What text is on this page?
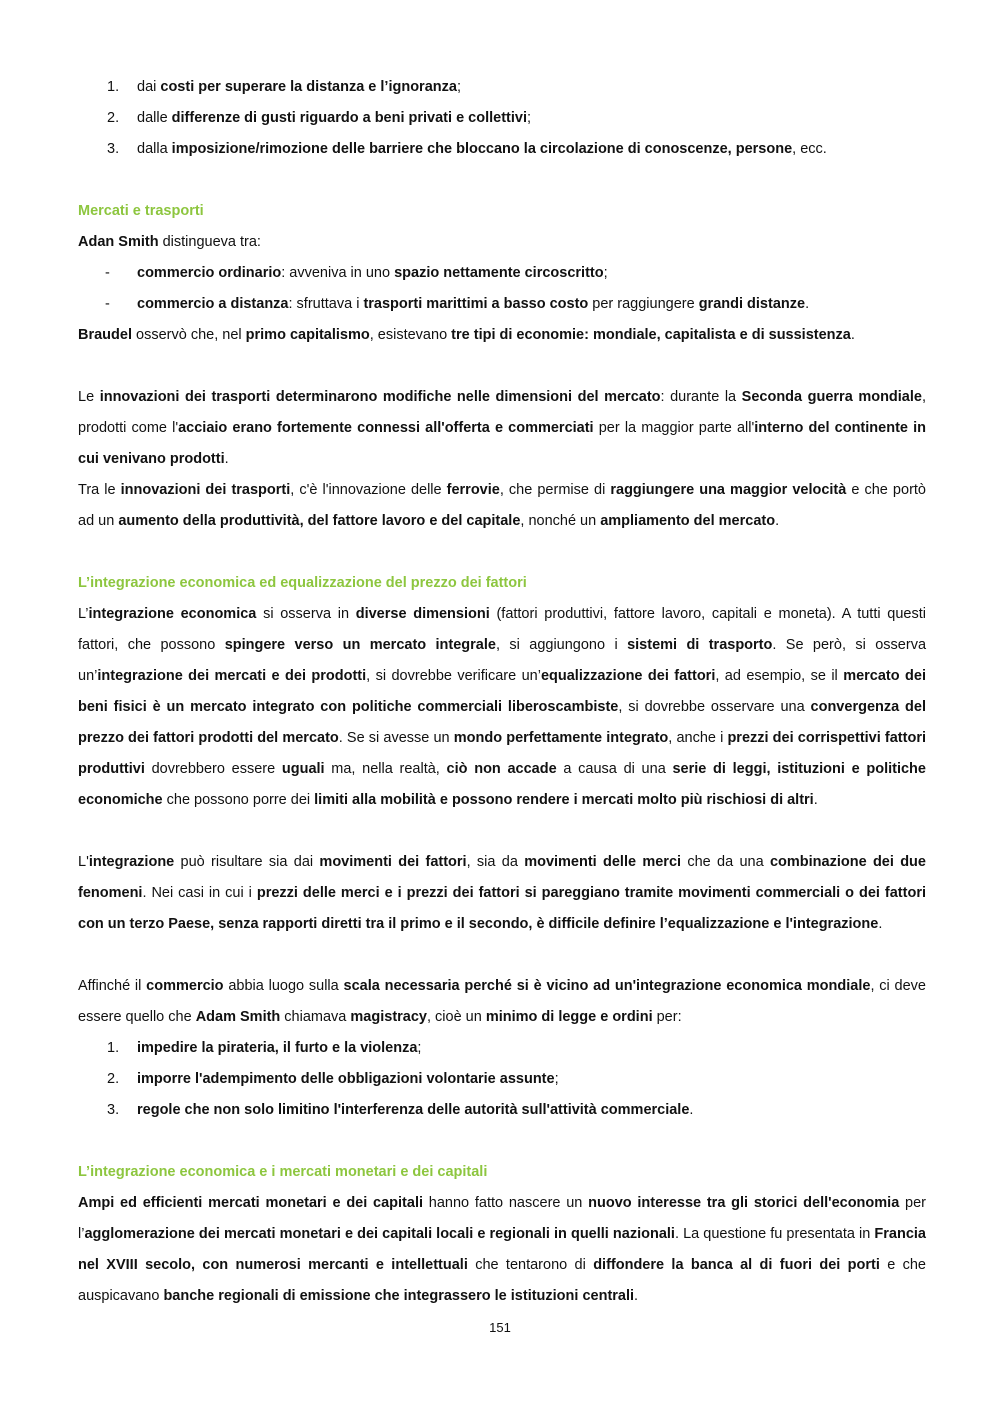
1. dai costi per superare la distanza e l’ignoranza;
2. dalle differenze di gusti riguardo a beni privati e collettivi;
3. dalla imposizione/rimozione delle barriere che bloccano la circolazione di conoscenze, persone, ecc.
Mercati e trasporti

Adan Smith distingueva tra:

- commercio ordinario: avveniva in uno spazio nettamente circoscritto;
- commercio a distanza: sfruttava i trasporti marittimi a basso costo per raggiungere grandi distanze.

Braudel osservò che, nel primo capitalismo, esistevano tre tipi di economie: mondiale, capitalista e di sussistenza.

Le innovazioni dei trasporti determinarono modifiche nelle dimensioni del mercato: durante la Seconda guerra mondiale, prodotti come l'acciaio erano fortemente connessi all'offerta e commerciati per la maggior parte all'interno del continente in cui venivano prodotti.

Tra le innovazioni dei trasporti, c'è l'innovazione delle ferrovie, che permise di raggiungere una maggior velocità e che portò ad un aumento della produttività, del fattore lavoro e del capitale, nonché un ampliamento del mercato.

L’integrazione economica ed equalizzazione del prezzo dei fattori

L’integrazione economica si osserva in diverse dimensioni (fattori produttivi, fattore lavoro, capitali e moneta). A tutti questi fattori, che possono spingere verso un mercato integrale, si aggiungono i sistemi di trasporto. Se però, si osserva un’integrazione dei mercati e dei prodotti, si dovrebbe verificare un’equalizzazione dei fattori, ad esempio, se il mercato dei beni fisici è un mercato integrato con politiche commerciali liberoscambiste, si dovrebbe osservare una convergenza del prezzo dei fattori prodotti del mercato. Se si avesse un mondo perfettamente integrato, anche i prezzi dei corrispettivi fattori produttivi dovrebbero essere uguali ma, nella realtà, ciò non accade a causa di una serie di leggi, istituzioni e politiche economiche che possono porre dei limiti alla mobilità e possono rendere i mercati molto più rischiosi di altri.

L'integrazione può risultare sia dai movimenti dei fattori, sia da movimenti delle merci che da una combinazione dei due fenomeni. Nei casi in cui i prezzi delle merci e i prezzi dei fattori si pareggiano tramite movimenti commerciali o dei fattori con un terzo Paese, senza rapporti diretti tra il primo e il secondo, è difficile definire l’equalizzazione e l'integrazione.

Affinché il commercio abbia luogo sulla scala necessaria perché si è vicino ad un'integrazione economica mondiale, ci deve essere quello che Adam Smith chiamava magistracy, cioè un minimo di legge e ordini per:

1. impedire la pirateria, il furto e la violenza;
2. imporre l'adempimento delle obbligazioni volontarie assunte;
3. regole che non solo limitino l'interferenza delle autorità sull'attività commerciale.
L’integrazione economica e i mercati monetari e dei capitali

Ampi ed efficienti mercati monetari e dei capitali hanno fatto nascere un nuovo interesse tra gli storici dell'economia per l’agglomerazione dei mercati monetari e dei capitali locali e regionali in quelli nazionali. La questione fu presentata in Francia nel XVIII secolo, con numerosi mercanti e intellettuali che tentarono di diffondere la banca al di fuori dei porti e che auspicavano banche regionali di emissione che integrassero le istituzioni centrali.

151
